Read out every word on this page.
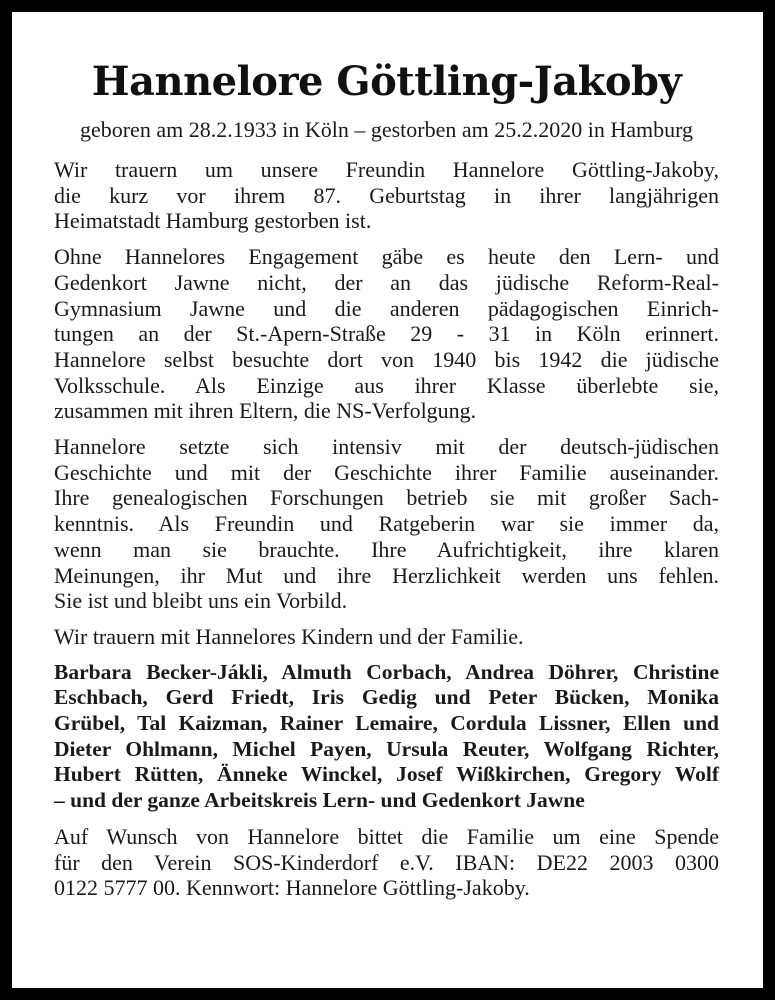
Hannelore Göttling-Jakoby
geboren am 28.2.1933 in Köln – gestorben am 25.2.2020 in Hamburg

Wir trauern um unsere Freundin Hannelore Göttling-Jakoby,
die kurz vor ihrem 87. Geburtstag in ihrer langjährigen
Heimatstadt Hamburg gestorben ist.

Ohne Hannelores Engagement gäbe es heute den Lern- und
Gedenkort Jawne nicht, der an das jüdische Reform-Real-
Gymnasium Jawne und die anderen pädagogischen Einrich-
tungen an der St.-Apern-Straße 29 - 31 in Köln erinnert.
Hannelore selbst besuchte dort von 1940 bis 1942 die jüdische
Volksschule. Als Einzige aus ihrer Klasse überlebte sie,
zusammen mit ihren Eltern, die NS-Verfolgung.

Hannelore setzte sich intensiv mit der deutsch-jüdischen
Geschichte und mit der Geschichte ihrer Familie auseinander.
Ihre genealogischen Forschungen betrieb sie mit großer Sach-
kenntnis. Als Freundin und Ratgeberin war sie immer da,
wenn man sie brauchte. Ihre Aufrichtigkeit, ihre klaren
Meinungen, ihr Mut und ihre Herzlichkeit werden uns fehlen.
Sie ist und bleibt uns ein Vorbild.

Wir trauern mit Hannelores Kindern und der Familie.

Barbara Becker-Jákli, Almuth Corbach, Andrea Döhrer, Christine
Eschbach, Gerd Friedt, Iris Gedig und Peter Bücken, Monika
Grübel, Tal Kaizman, Rainer Lemaire, Cordula Lissner, Ellen und
Dieter Ohlmann, Michel Payen, Ursula Reuter, Wolfgang Richter,
Hubert Rütten, Änneke Winckel, Josef Wißkirchen, Gregory Wolf
– und der ganze Arbeitskreis Lern- und Gedenkort Jawne

Auf Wunsch von Hannelore bittet die Familie um eine Spende
für den Verein SOS-Kinderdorf e.V. IBAN: DE22 2003 0300
0122 5777 00. Kennwort: Hannelore Göttling-Jakoby.
